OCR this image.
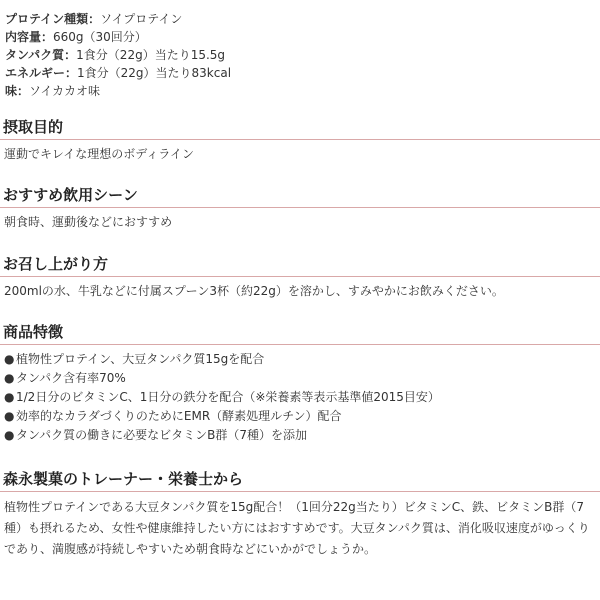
プロテイン種類：ソイプロテイン
内容量：660g（30回分）
タンパク質：1食分（22g）当たり15.5g
エネルギー：1食分（22g）当たり83kcal
味：ソイカカオ味
摂取目的
運動でキレイな理想のボディライン
おすすめ飲用シーン
朝食時、運動後などにおすすめ
お召し上がり方
200mlの水、牛乳などに付属スプーン3杯（約22g）を溶かし、すみやかにお飲みください。
商品特徴
● 植物性プロテイン、大豆タンパク質15gを配合
● タンパク含有率70%
● 1/2日分のビタミンC、1日分の鉄分を配合（※栄養素等表示基準値2015目安）
● 効率的なカラダづくりのためにEMR（酵素処理ルチン）配合
● タンパク質の働きに必要なビタミンB群（7種）を添加
森永製菓のトレーナー・栄養士から
植物性プロテインである大豆タンパク質を15g配合！（1回分22g当たり）ビタミンC、鉄、ビタミンB群（7種）も摂れるため、女性や健康維持したい方にはおすすめです。大豆タンパク質は、消化吸収速度がゆっくりであり、満腹感が持続しやすいため朝食時などにいかがでしょうか。
